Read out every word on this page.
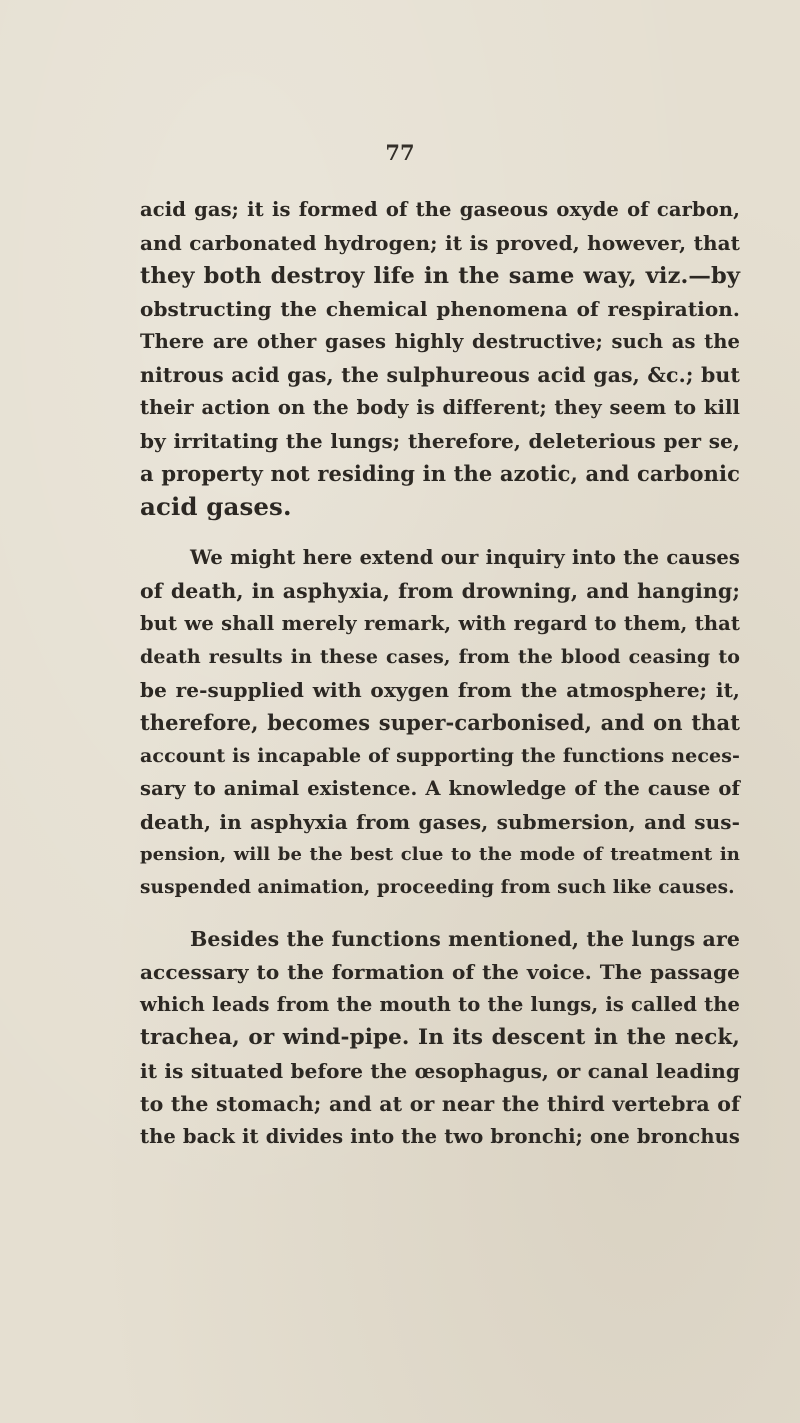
77
acid gas; it is formed of the gaseous oxyde of carbon,
and carbonated hydrogen; it is proved, however, that
they both destroy life in the same way, viz.—by
obstructing the chemical phenomena of respiration.
There are other gases highly destructive; such as the
nitrous acid gas, the sulphureous acid gas, &c.; but
their action on the body is different; they seem to kill
by irritating the lungs; therefore, deleterious per se,
a property not residing in the azotic, and carbonic
acid gases.
We might here extend our inquiry into the causes
of death, in asphyxia, from drowning, and hanging;
but we shall merely remark, with regard to them, that
death results in these cases, from the blood ceasing to
be re-supplied with oxygen from the atmosphere; it,
therefore, becomes super-carbonised, and on that
account is incapable of supporting the functions neces-
sary to animal existence. A knowledge of the cause of
death, in asphyxia from gases, submersion, and sus-
pension, will be the best clue to the mode of treatment in
suspended animation, proceeding from such like causes.
Besides the functions mentioned, the lungs are
accessary to the formation of the voice. The passage
which leads from the mouth to the lungs, is called the
trachea, or wind-pipe. In its descent in the neck,
it is situated before the œsophagus, or canal leading
to the stomach; and at or near the third vertebra of
the back it divides into the two bronchi; one bronchus
